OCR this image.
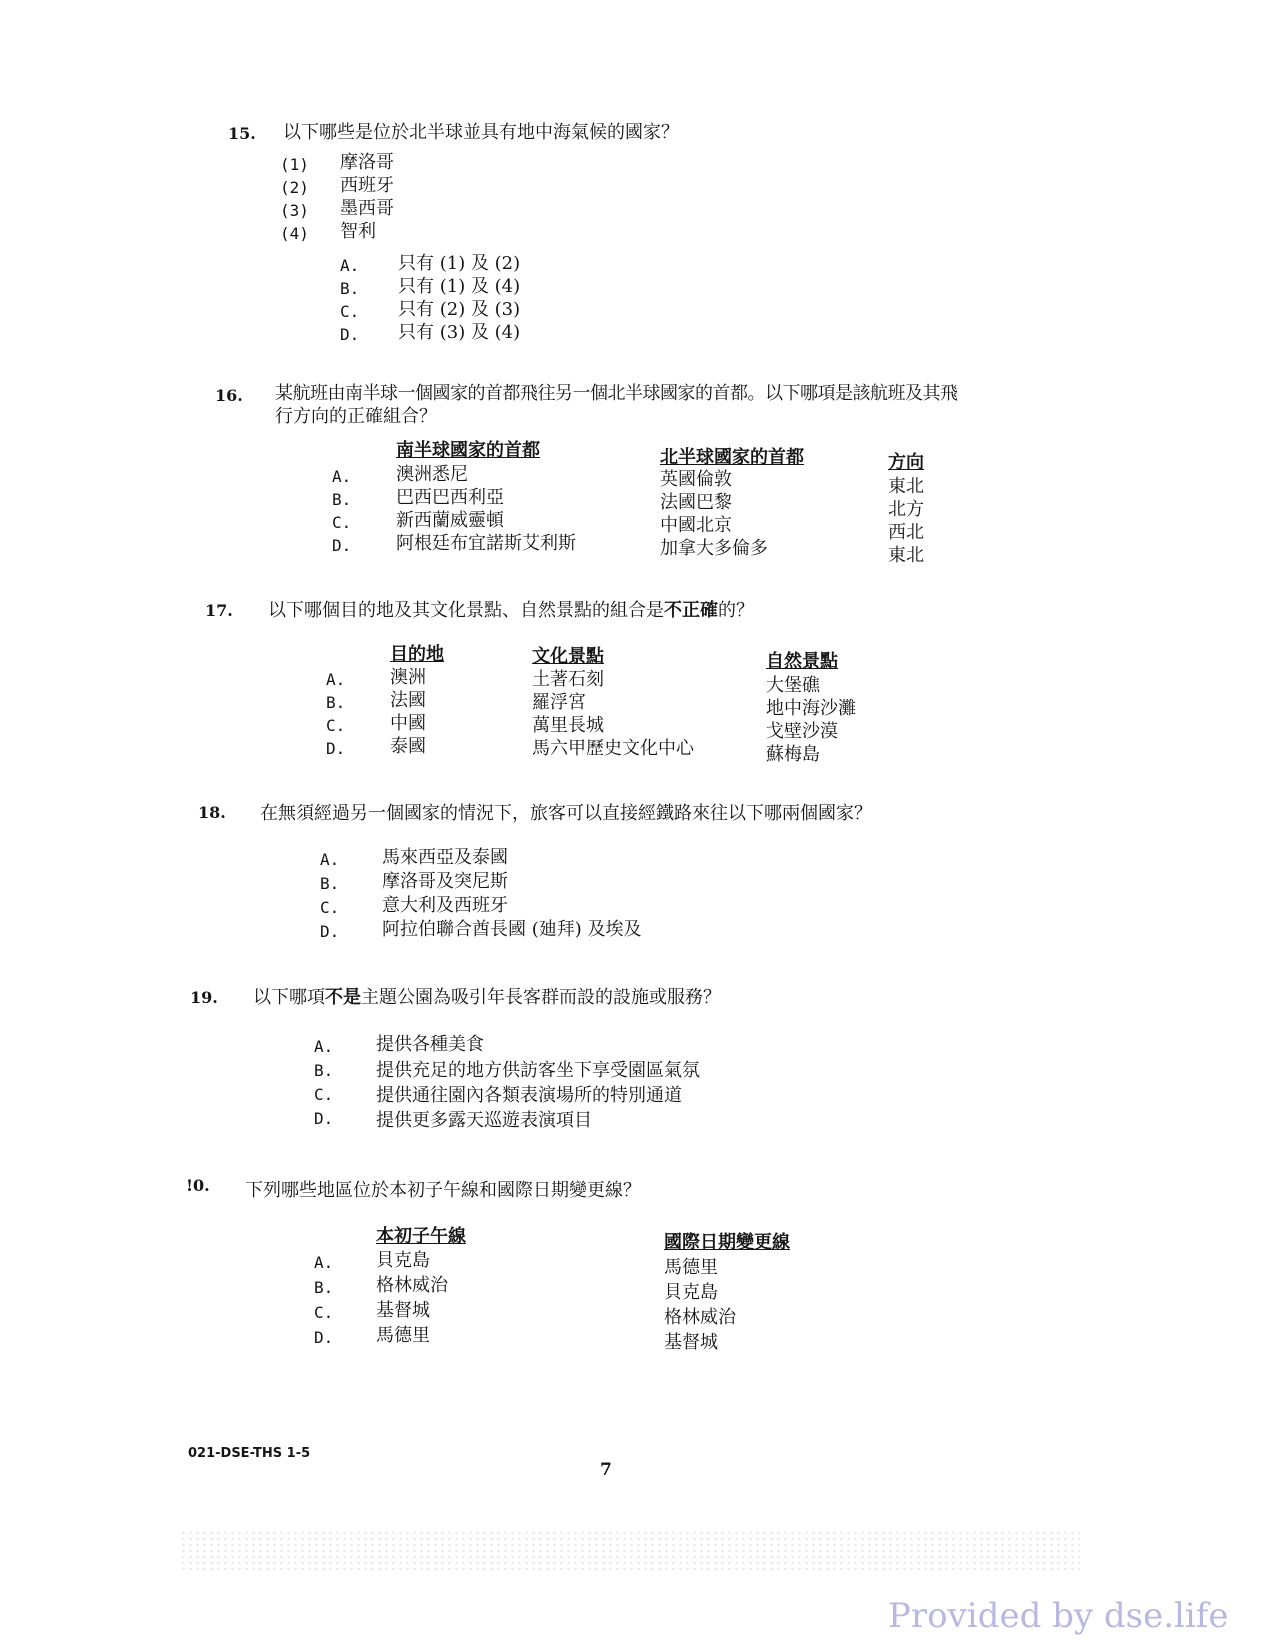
15. 以下哪些是位於北半球並具有地中海氣候的國家？
(1) 摩洛哥
(2) 西班牙
(3) 墨西哥
(4) 智利
A. 只有 (1) 及 (2)
B. 只有 (1) 及 (4)
C. 只有 (2) 及 (3)
D. 只有 (3) 及 (4)
16. 某航班由南半球一個國家的首都飛往另一個北半球國家的首都。以下哪項是該航班及其飛
行方向的正確組合？
南半球國家的首都	北半球國家的首都	方向
A. 澳洲悉尼	英國倫敦	東北
B. 巴西巴西利亞	法國巴黎	北方
C. 新西蘭威靈頓	中國北京	西北
D. 阿根廷布宜諾斯艾利斯	加拿大多倫多	東北
17. 以下哪個目的地及其文化景點、自然景點的組合是不正確的？
目的地	文化景點	自然景點
A. 澳洲	土著石刻	大堡礁
B. 法國	羅浮宮	地中海沙灘
C. 中國	萬里長城	戈壁沙漠
D. 泰國	馬六甲歷史文化中心	蘇梅島
18. 在無須經過另一個國家的情況下，旅客可以直接經鐵路來往以下哪兩個國家？
A. 馬來西亞及泰國
B. 摩洛哥及突尼斯
C. 意大利及西班牙
D. 阿拉伯聯合酋長國 (廸拜) 及埃及
19. 以下哪項不是主題公園為吸引年長客群而設的設施或服務？
A. 提供各種美食
B. 提供充足的地方供訪客坐下享受園區氣氛
C. 提供通往園內各類表演場所的特別通道
D. 提供更多露天巡遊表演項目
!0. 下列哪些地區位於本初子午線和國際日期變更線？
本初子午線	國際日期變更線
A. 貝克島	馬德里
B. 格林威治	貝克島
C. 基督城	格林威治
D. 馬德里	基督城
021-DSE-THS 1-5
7
Provided by dse.life
